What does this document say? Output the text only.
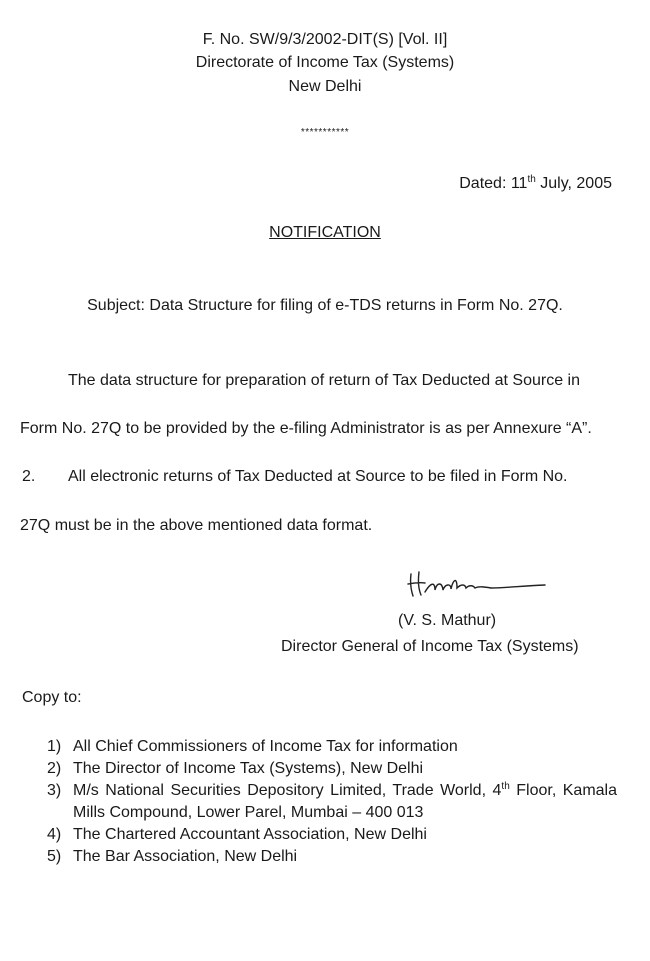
F. No. SW/9/3/2002-DIT(S) [Vol. II]
Directorate of Income Tax (Systems)
New Delhi
***********
Dated: 11th July, 2005
NOTIFICATION
Subject: Data Structure for filing of e-TDS returns in Form No. 27Q.
The data structure for preparation of return of Tax Deducted at Source in
Form No. 27Q to be provided by the e-filing Administrator is as per Annexure “A”.
2. All electronic returns of Tax Deducted at Source to be filed in Form No.
27Q must be in the above mentioned data format.
(V. S. Mathur)
Director General of Income Tax (Systems)
Copy to:
1) All Chief Commissioners of Income Tax for information
2) The Director of Income Tax (Systems), New Delhi
3) M/s National Securities Depository Limited, Trade World, 4th Floor, Kamala Mills Compound, Lower Parel, Mumbai – 400 013
4) The Chartered Accountant Association, New Delhi
5) The Bar Association, New Delhi
